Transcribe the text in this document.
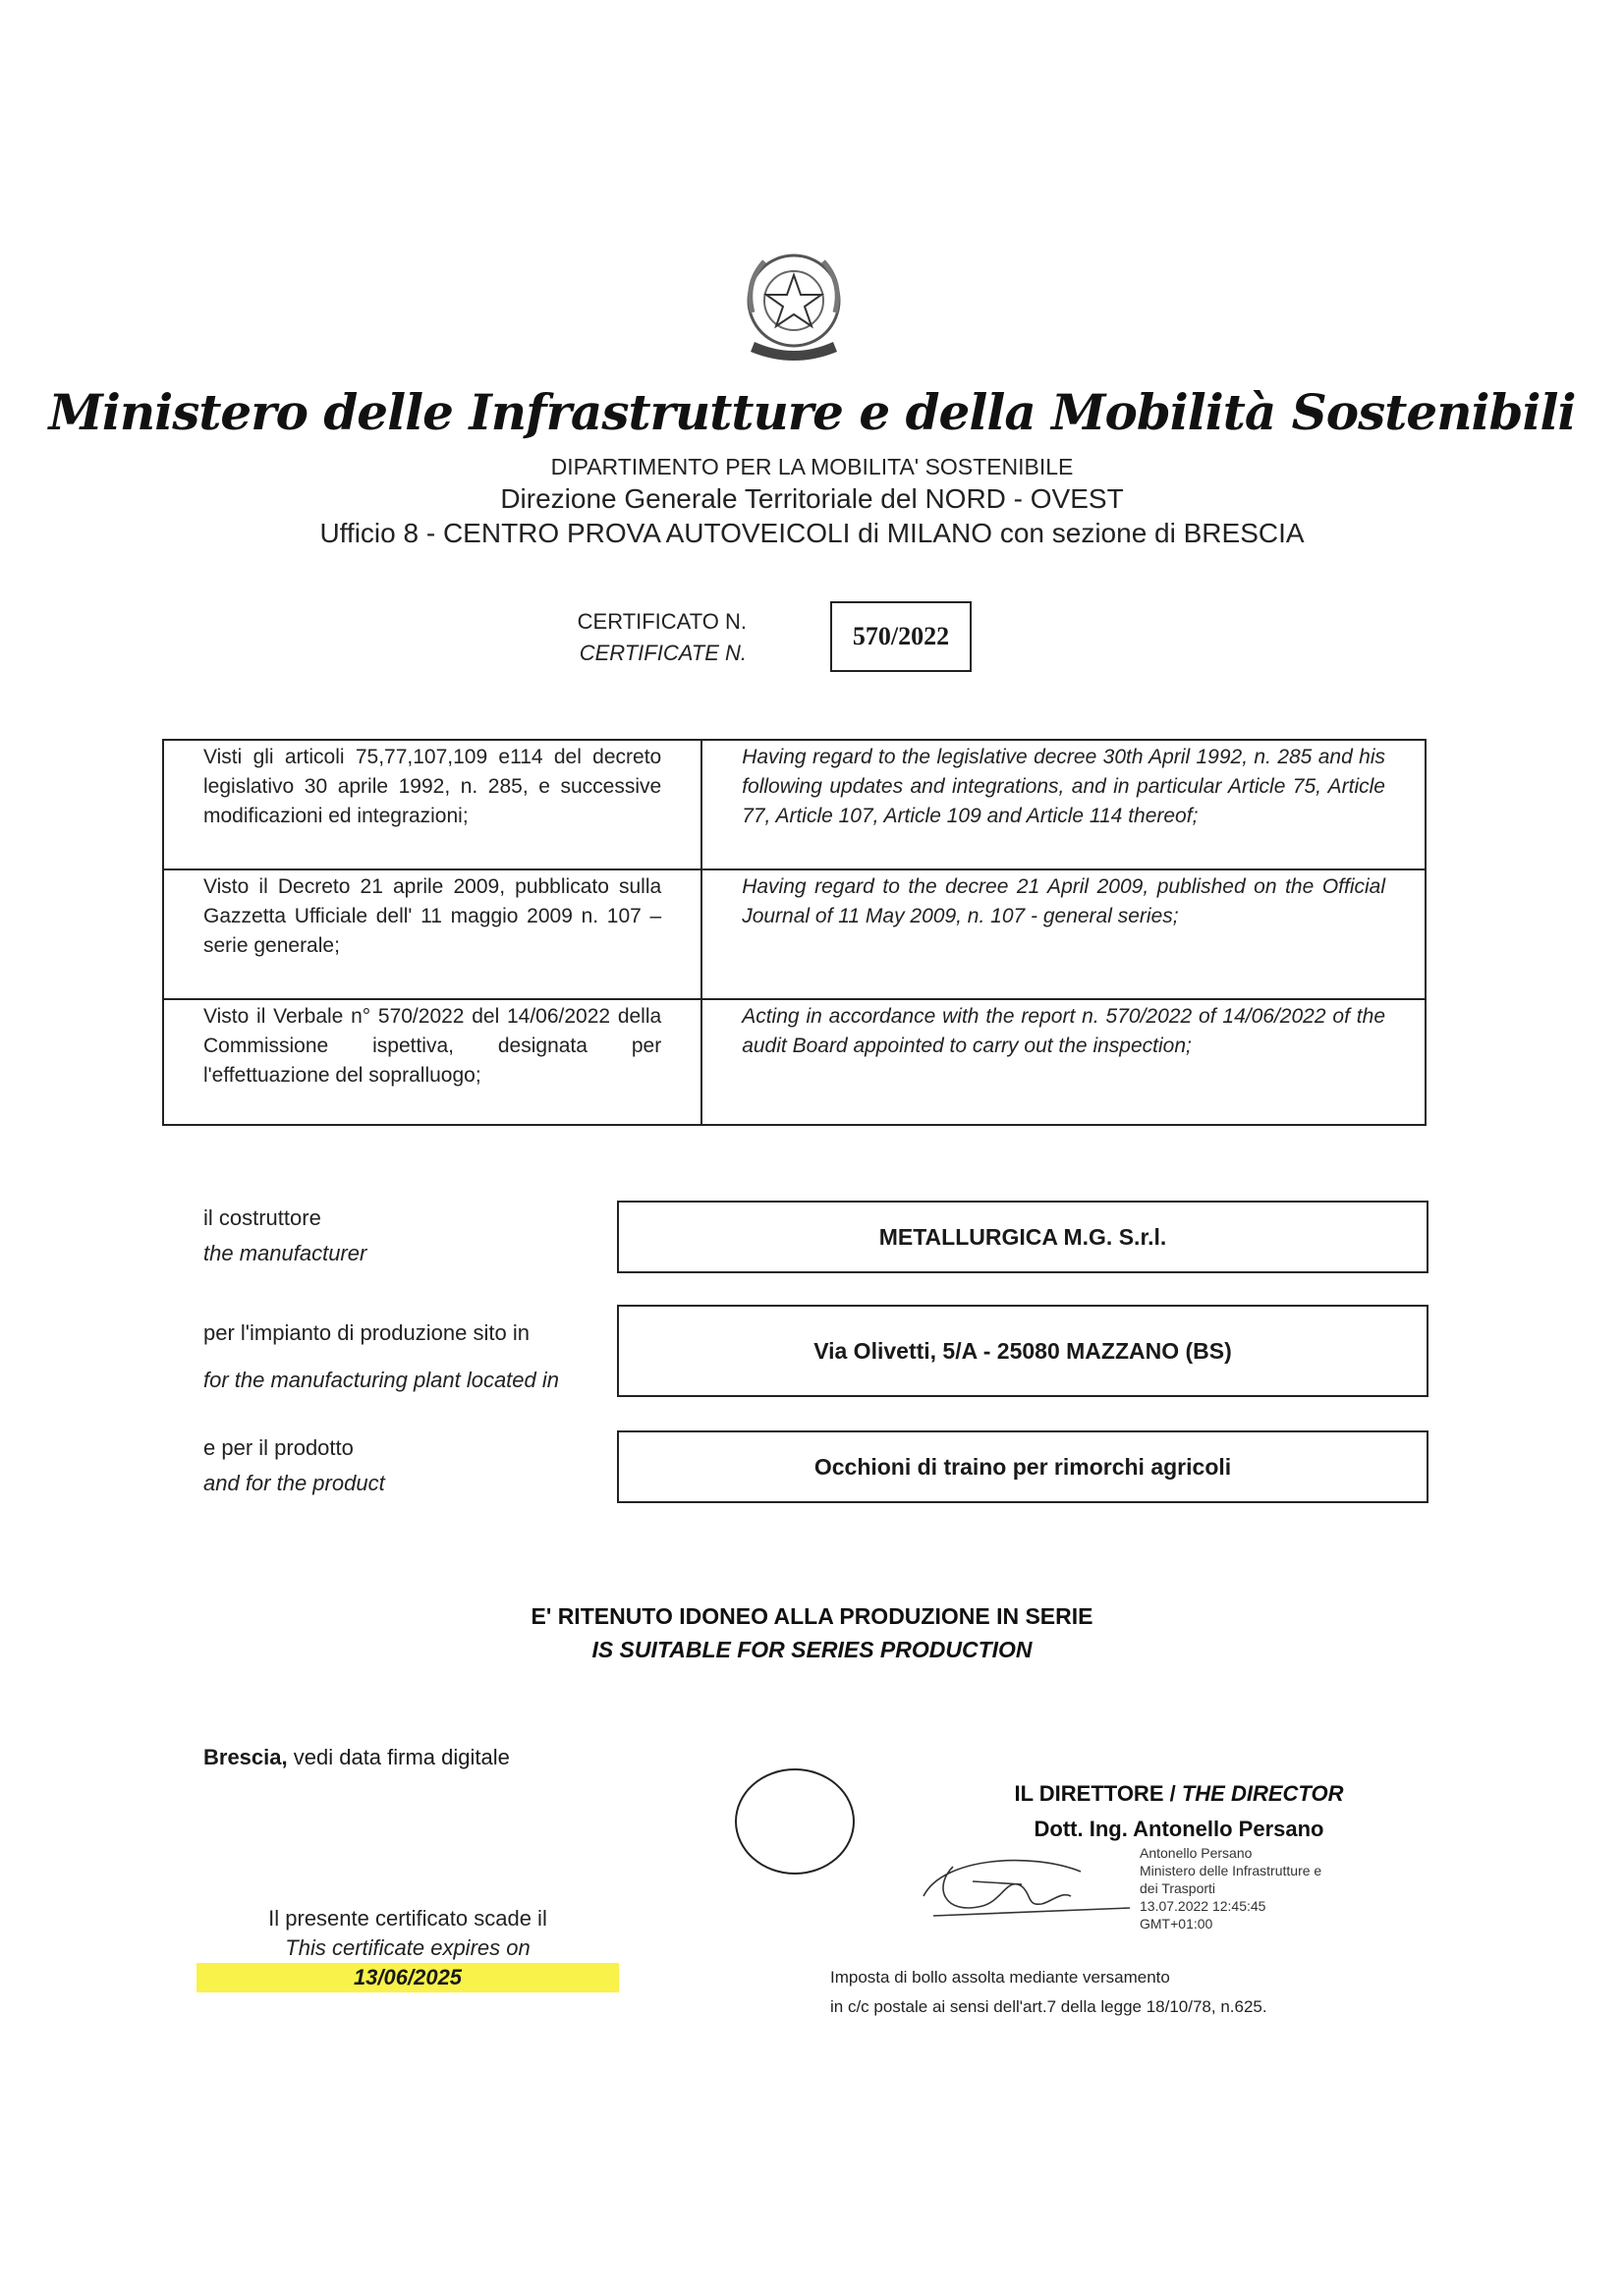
Ministero delle Infrastrutture e della Mobilità Sostenibili
DIPARTIMENTO PER LA MOBILITA' SOSTENIBILE
Direzione Generale Territoriale del NORD - OVEST
Ufficio 8 - CENTRO PROVA AUTOVEICOLI di MILANO con sezione di BRESCIA
CERTIFICATO N.
CERTIFICATE N.
570/2022
Visti gli articoli 75,77,107,109 e114 del decreto legislativo 30 aprile 1992, n. 285, e successive modificazioni ed integrazioni;	Having regard to the legislative decree 30th April 1992, n. 285 and his following updates and integrations, and in particular Article 75, Article 77, Article 107, Article 109 and Article 114 thereof;
Visto il Decreto 21 aprile 2009, pubblicato sulla Gazzetta Ufficiale dell' 11 maggio 2009 n. 107 – serie generale;	Having regard to the decree 21 April 2009, published on the Official Journal of 11 May 2009, n. 107 - general series;
Visto il Verbale n° 570/2022 del 14/06/2022 della Commissione ispettiva, designata per l'effettuazione del sopralluogo;	Acting in accordance with the report n. 570/2022 of 14/06/2022 of the audit Board appointed to carry out the inspection;
il costruttore
the manufacturer
METALLURGICA M.G. S.r.l.
per l'impianto di produzione sito in
for the manufacturing plant located in
Via Olivetti, 5/A - 25080 MAZZANO (BS)
e per il prodotto
and for the product
Occhioni di traino per rimorchi agricoli
E' RITENUTO IDONEO ALLA PRODUZIONE IN SERIE
IS SUITABLE FOR SERIES PRODUCTION
Brescia, vedi data firma digitale
IL DIRETTORE / THE DIRECTOR
Dott. Ing. Antonello Persano
Antonello Persano
Ministero delle Infrastrutture e
dei Trasporti
13.07.2022 12:45:45
GMT+01:00
Il presente certificato scade il
This certificate expires on
13/06/2025	Imposta di bollo assolta mediante versamento
in c/c postale ai sensi dell'art.7 della legge 18/10/78, n.625.
